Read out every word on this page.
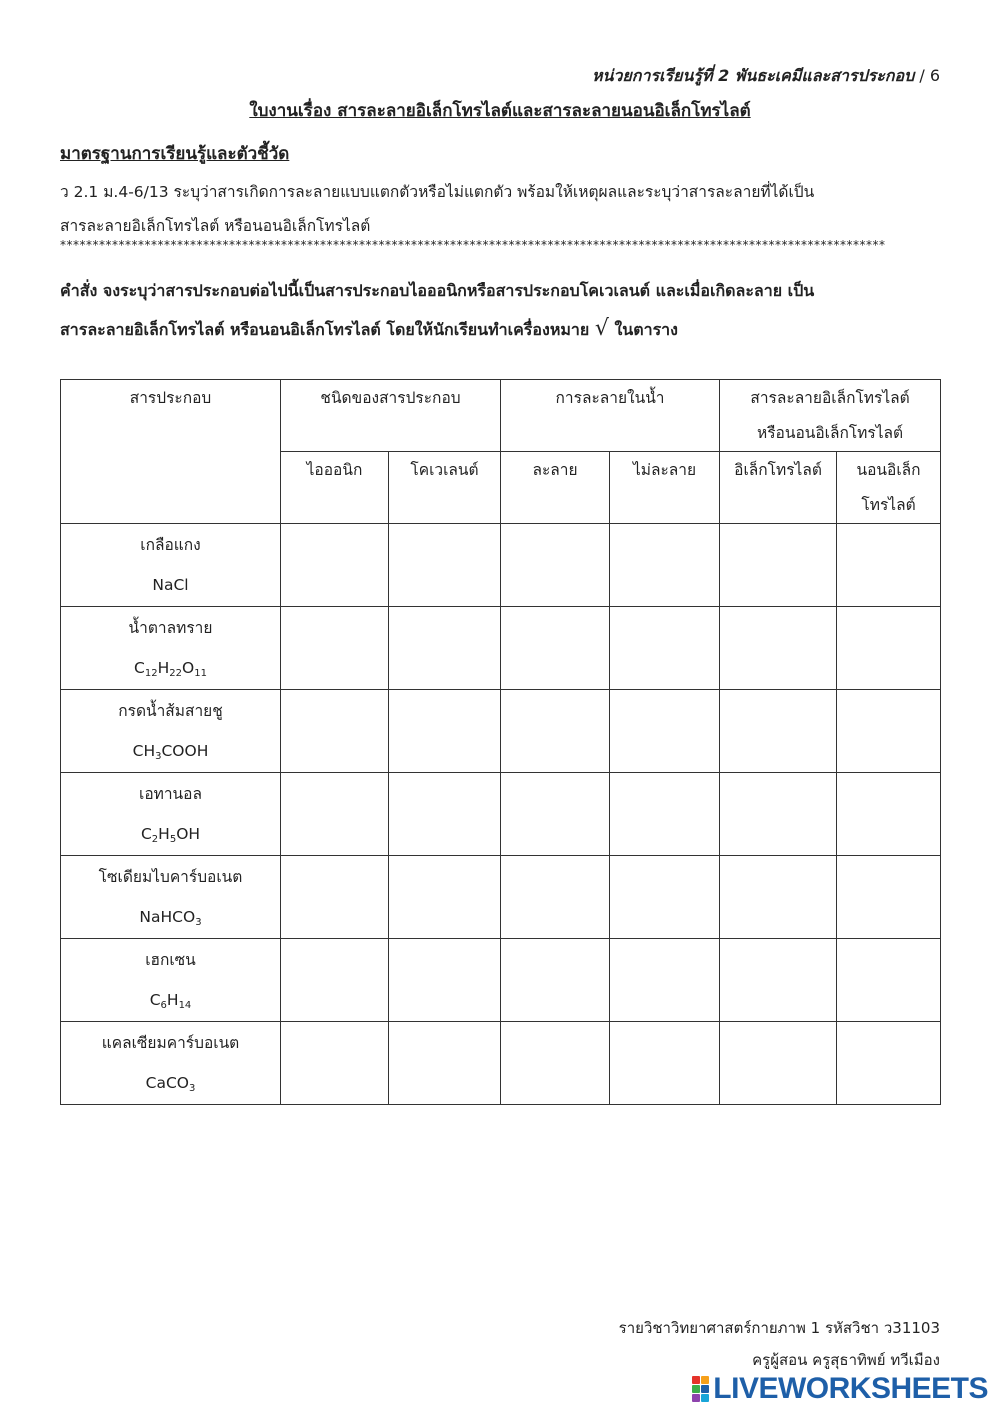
หน่วยการเรียนรู้ที่ 2 พันธะเคมีและสารประกอบ / 6
ใบงานเรื่อง สารละลายอิเล็กโทรไลต์และสารละลายนอนอิเล็กโทรไลต์
มาตรฐานการเรียนรู้และตัวชี้วัด
ว 2.1 ม.4-6/13 ระบุว่าสารเกิดการละลายแบบแตกตัวหรือไม่แตกตัว พร้อมให้เหตุผลและระบุว่าสารละลายที่ได้เป็น
สารละลายอิเล็กโทรไลต์ หรือนอนอิเล็กโทรไลต์
*******************************************************************************************************************************
คำสั่ง จงระบุว่าสารประกอบต่อไปนี้เป็นสารประกอบไอออนิกหรือสารประกอบโคเวเลนต์ และเมื่อเกิดละลาย เป็น
สารละลายอิเล็กโทรไลต์ หรือนอนอิเล็กโทรไลต์ โดยให้นักเรียนทำเครื่องหมาย √ ในตาราง
สารประกอบ	ชนิดของสารประกอบ		การละลายในน้ำ		สารละลายอิเล็กโทรไลต์
หรือนอนอิเล็กโทรไลต์	

	ไอออนิก	โคเวเลนต์	ละลาย	ไม่ละลาย	อิเล็กโทรไลต์	นอนอิเล็ก
โทรไลต์

เกลือแกง
NaCl						

น้ำตาลทราย
$C_{12}H_{22}O_{11}$

กรดน้ำส้มสายชู
$CH_3COOH$						

เอทานอล
$C_2H_5OH$						

โซเดียมไบคาร์บอเนต
NaHCO$_3$

เฮกเซน
$C_6H_{14}$

แคลเซียมคาร์บอเนต
CaCO$_3$

รายวิชาวิทยาศาสตร์กายภาพ 1 รหัสวิชา ว31103
ครูผู้สอน ครูสุธาทิพย์ ทวีเมือง
LIVEWORKSHEETS
